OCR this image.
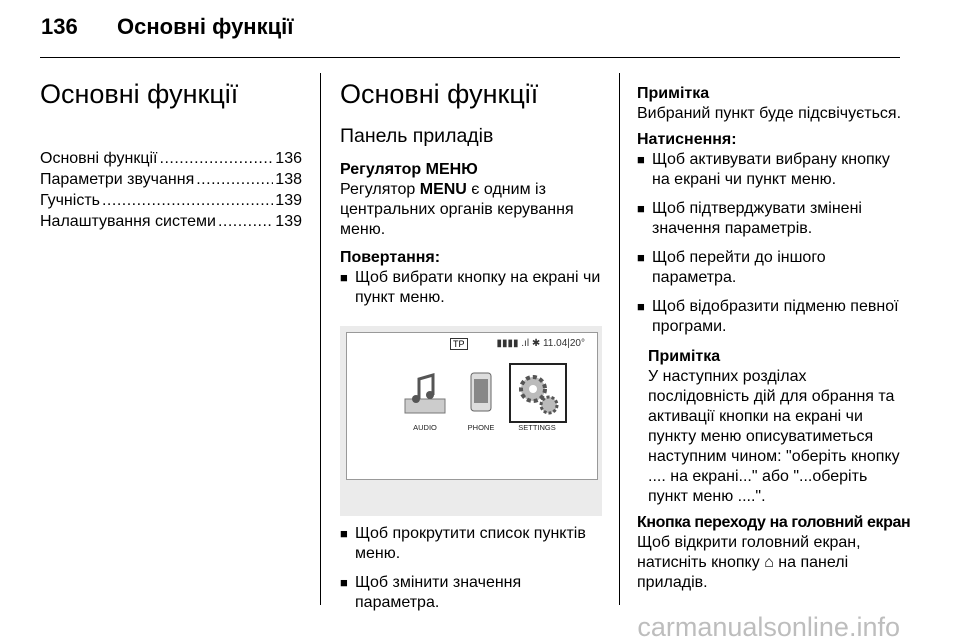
136 Основні функції
Основні функції
Основні функції .....	136
Параметри звучання .....	138
Гучність .....	139
Налаштування системи .....	139
Основні функції
Панель приладів
Регулятор МЕНЮ
Регулятор MENU є одним із центральних органів керування меню.
Повертання:
■ Щоб вибрати кнопку на екрані чи пункт меню.
TP	▮▮▮▮ .ıl ✱ 11.04|20°
AUDIO	PHONE	SETTINGS
■ Щоб прокрутити список пунктів меню.
■ Щоб змінити значення параметра.
Примітка
Вибраний пункт буде підсвічується.
Натиснення:
■ Щоб активувати вибрану кнопку на екрані чи пункт меню.
■ Щоб підтверджувати змінені значення параметрів.
■ Щоб перейти до іншого параметра.
■ Щоб відобразити підменю певної програми.
Примітка
У наступних розділах послідовність дій для обрання та активації кнопки на екрані чи пункту меню описуватиметься наступним чином: "оберіть кнопку .... на екрані..." або "...оберіть пункт меню ....".
Кнопка переходу на головний екран
Щоб відкрити головний екран, натисніть кнопку ⌂ на панелі приладів.
carmanualsonline.info
